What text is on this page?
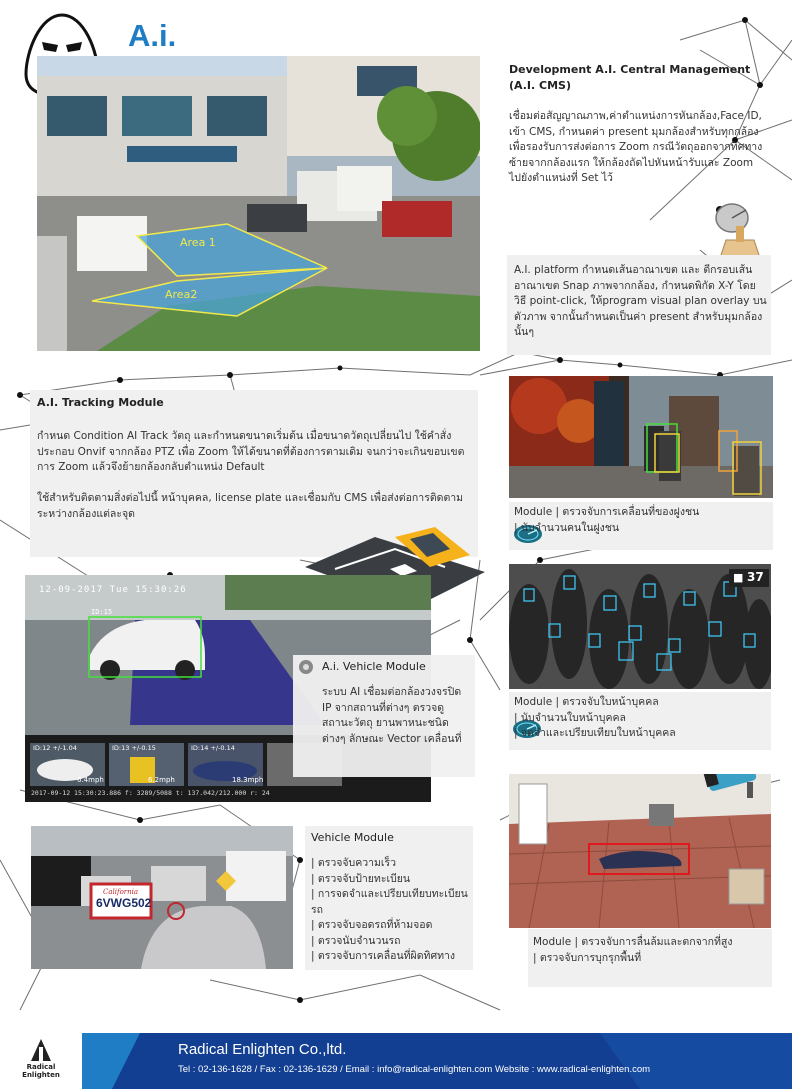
A.i.
Area 1
Area2
Development A.I. Central Management
(A.I. CMS)
เชื่อมต่อสัญญาณภาพ,ค่าตำแหน่งการหันกล้อง,Face ID, เข้า CMS, กำหนดค่า present มุมกล้องสำหรับทุกกล้อง เพื่อรองรับการส่งต่อการ Zoom กรณีวัตถุออกจากทิศทาง ซ้ายจากกล้องแรก ให้กล้องถัดไปหันหน้ารับและ Zoom ไปยังตำแหน่งที่ Set ไว้
A.I. platform กำหนดเส้นอาณาเขต และ ตีกรอบเส้นอาณาเขต Snap ภาพจากกล้อง, กำหนดพิกัด X-Y โดยวิธี point-click, ให้program visual plan overlay บนตัวภาพ จากนั้นกำหนดเป็นค่า present สำหรับมุมกล้องนั้นๆ
A.I. Tracking Module
กำหนด Condition AI Track วัตถุ และกำหนดขนาดเริ่มต้น เมื่อขนาดวัตถุเปลี่ยนไป ใช้คำสั่งประกอบ Onvif จากกล้อง PTZ เพื่อ Zoom ให้ได้ขนาดที่ต้องการตามเดิม จนกว่าจะเกินขอบเขตการ Zoom แล้วจึงย้ายกล้องกลับตำแหน่ง Default

ใช้สำหรับติดตามสิ่งต่อไปนี้ หน้าบุคคล, license plate และเชื่อมกับ CMS เพื่อส่งต่อการติดตามระหว่างกล้องแต่ละจุด	Module | ตรวจจับการเคลื่อนที่ของฝูงชน
| นับจำนวนคนในฝูงชน
12-09-2017 Tue 15:30:26
ID:15
ID:12 +/-1.04	ID:13 +/-0.15	ID:14 +/-0.14
6.4mph	6.2mph	18.3mph
2017-09-12 15:30:23.886 f: 3289/5088 t: 137.042/212.000 r: 24
A.i. Vehicle Module
ระบบ AI เชื่อมต่อกล้องวงจรปิด IP จากสถานที่ต่างๆ ตรวจดูสถานะวัตถุ ยานพาหนะชนิดต่างๆ ลักษณะ Vector เคลื่อนที่
■ 37
Module | ตรวจจับใบหน้าบุคคล
| นับจำนวนใบหน้าบุคคล
| จดจำและเปรียบเทียบใบหน้าบุคคล
California
6VWG502
Vehicle Module
| ตรวจจับความเร็ว
| ตรวจจับป้ายทะเบียน
| การจดจำและเปรียบเทียบทะเบียนรถ
| ตรวจจับจอดรถที่ห้ามจอด
| ตรวจนับจำนวนรถ
| ตรวจจับการเคลื่อนที่ผิดทิศทาง
Module | ตรวจจับการลื่นล้มและตกจากที่สูง
| ตรวจจับการบุกรุกพื้นที่
Radical
Enlighten
Radical Enlighten Co.,ltd.
Tel : 02-136-1628 / Fax : 02-136-1629 / Email : info@radical-enlighten.com Website : www.radical-enlighten.com
